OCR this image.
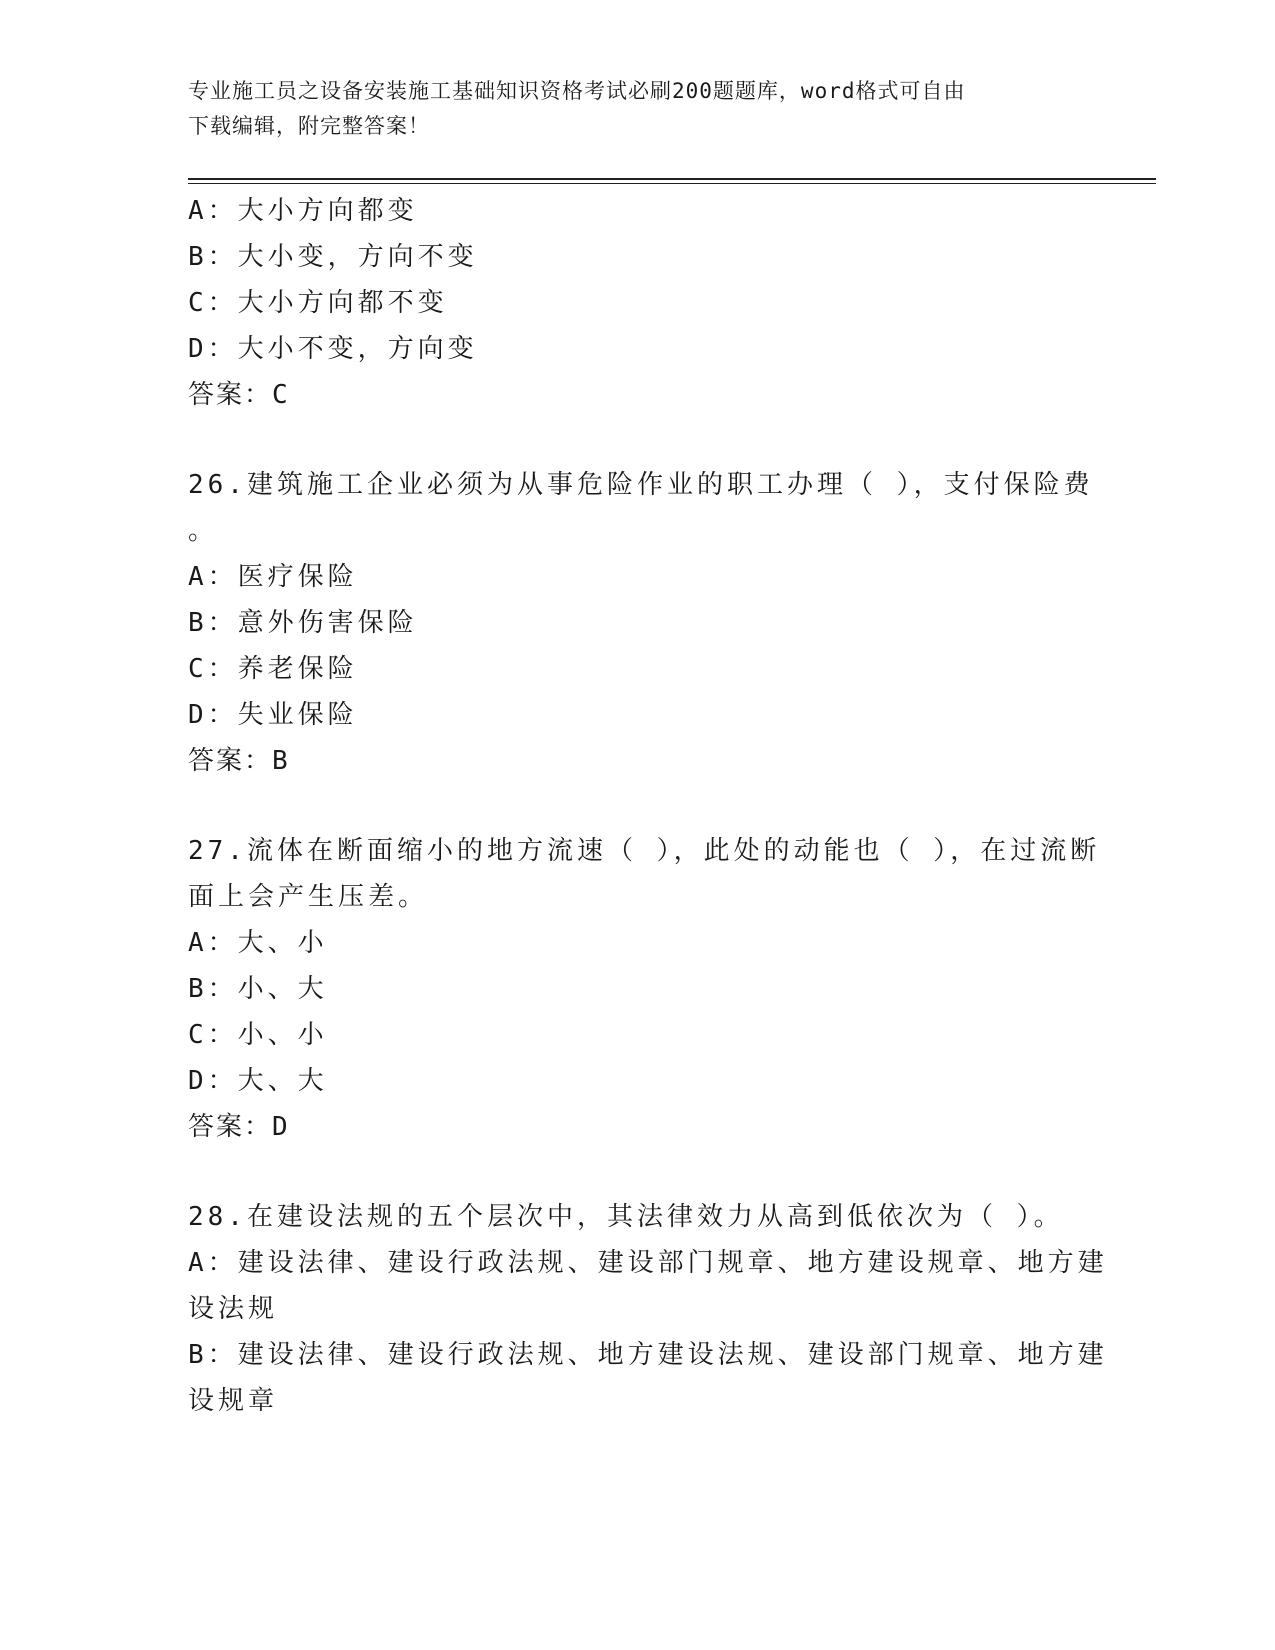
专业施工员之设备安装施工基础知识资格考试必刷200题题库，word格式可自由
下载编辑，附完整答案！

A：大小方向都变

B：大小变，方向不变

C：大小方向都不变

D：大小不变，方向变

答案：C

26.建筑施工企业必须为从事危险作业的职工办理（ ），支付保险费

。

A：医疗保险

B：意外伤害保险

C：养老保险

D：失业保险

答案：B

27.流体在断面缩小的地方流速（ ），此处的动能也（ ），在过流断

面上会产生压差。

A：大、小

B：小、大

C：小、小

D：大、大

答案：D

28.在建设法规的五个层次中，其法律效力从高到低依次为（ ）。

A：建设法律、建设行政法规、建设部门规章、地方建设规章、地方建

设法规

B：建设法律、建设行政法规、地方建设法规、建设部门规章、地方建

设规章
